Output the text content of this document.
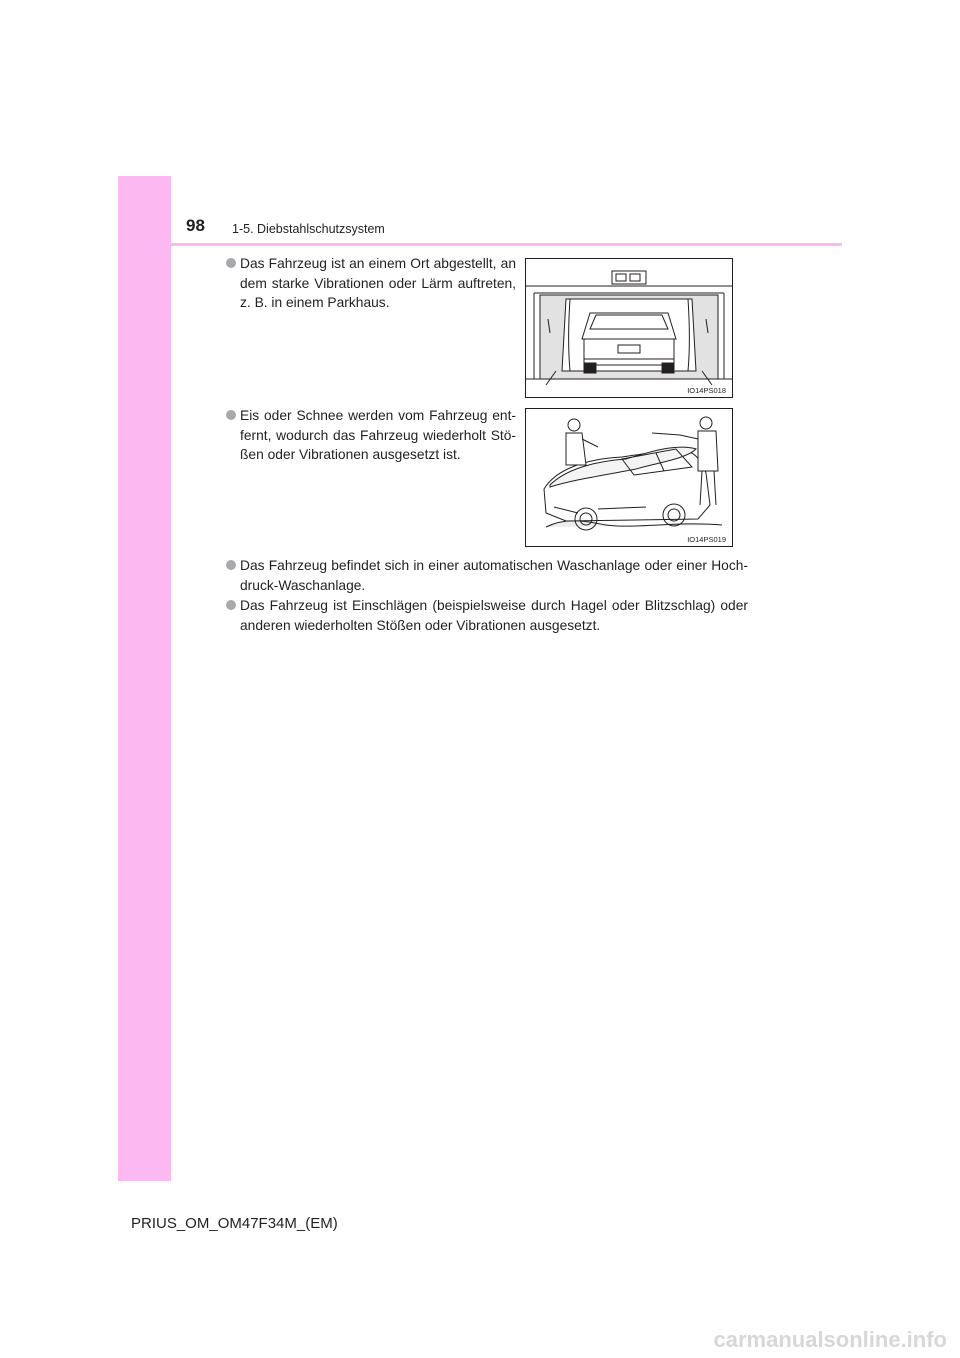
98 1-5. Diebstahlschutzsystem
Das Fahrzeug ist an einem Ort abgestellt, an dem starke Vibrationen oder Lärm auftreten, z. B. in einem Parkhaus.
IO14PS018
Eis oder Schnee werden vom Fahrzeug ent-fernt, wodurch das Fahrzeug wiederholt Stö-ßen oder Vibrationen ausgesetzt ist.
IO14PS019
Das Fahrzeug befindet sich in einer automatischen Waschanlage oder einer Hoch-druck-Waschanlage.
Das Fahrzeug ist Einschlägen (beispielsweise durch Hagel oder Blitzschlag) oder anderen wiederholten Stößen oder Vibrationen ausgesetzt.
PRIUS_OM_OM47F34M_(EM)
carmanualsonline.info
